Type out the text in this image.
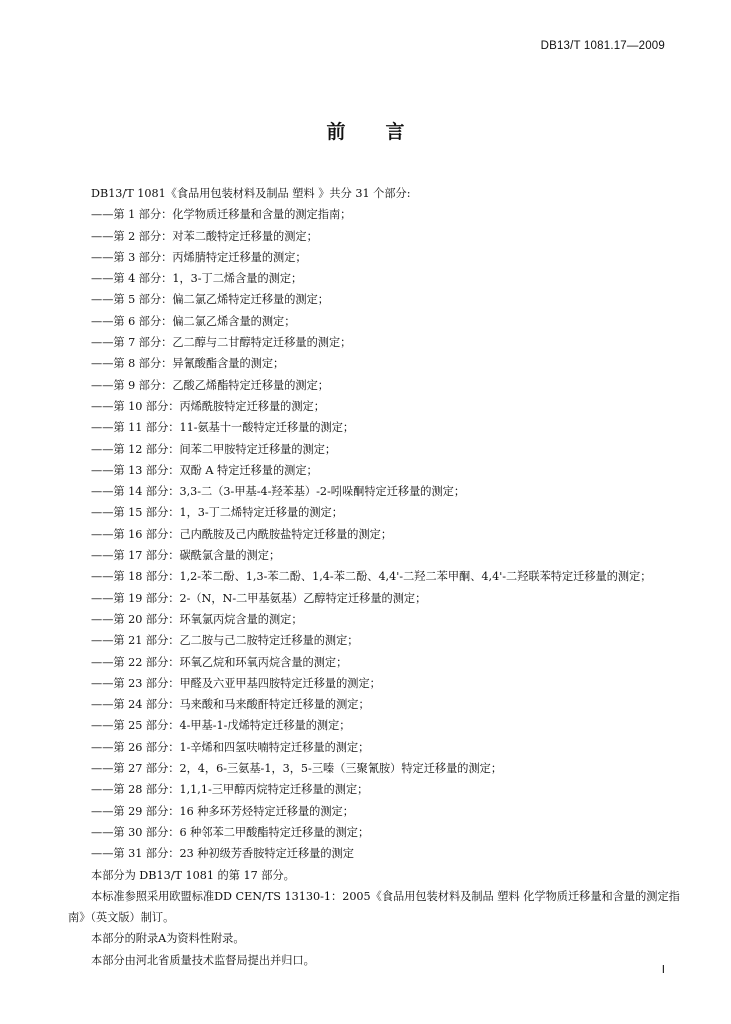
DB13/T 1081.17—2009
前言

DB13/T 1081《食品用包装材料及制品 塑料 》共分 31 个部分:

——第 1 部分：化学物质迁移量和含量的测定指南；

——第 2 部分：对苯二酸特定迁移量的测定；

——第 3 部分：丙烯腈特定迁移量的测定；

——第 4 部分：1，3-丁二烯含量的测定；

——第 5 部分：偏二氯乙烯特定迁移量的测定；

——第 6 部分：偏二氯乙烯含量的测定；

——第 7 部分：乙二醇与二甘醇特定迁移量的测定；

——第 8 部分：异氰酸酯含量的测定；

——第 9 部分：乙酸乙烯酯特定迁移量的测定；

——第 10 部分：丙烯酰胺特定迁移量的测定；

——第 11 部分：11-氨基十一酸特定迁移量的测定；

——第 12 部分：间苯二甲胺特定迁移量的测定；

——第 13 部分：双酚 A 特定迁移量的测定；

——第 14 部分：3,3-二（3-甲基-4-羟苯基）-2-吲哚酮特定迁移量的测定；

——第 15 部分：1，3-丁二烯特定迁移量的测定；

——第 16 部分：己内酰胺及己内酰胺盐特定迁移量的测定；

——第 17 部分：碳酰氯含量的测定；

——第 18 部分：1,2-苯二酚、1,3-苯二酚、1,4-苯二酚、4,4'-二羟二苯甲酮、4,4'-二羟联苯特定迁移量的测定；

——第 19 部分：2-（N，N-二甲基氨基）乙醇特定迁移量的测定；

——第 20 部分：环氧氯丙烷含量的测定；

——第 21 部分：乙二胺与己二胺特定迁移量的测定；

——第 22 部分：环氧乙烷和环氧丙烷含量的测定；

——第 23 部分：甲醛及六亚甲基四胺特定迁移量的测定；

——第 24 部分：马来酸和马来酸酐特定迁移量的测定；

——第 25 部分：4-甲基-1-戊烯特定迁移量的测定；

——第 26 部分：1-辛烯和四氢呋喃特定迁移量的测定；

——第 27 部分：2，4，6-三氨基-1，3，5-三嗪（三聚氰胺）特定迁移量的测定；

——第 28 部分：1,1,1-三甲醇丙烷特定迁移量的测定；

——第 29 部分：16 种多环芳烃特定迁移量的测定；

——第 30 部分：6 种邻苯二甲酸酯特定迁移量的测定；

——第 31 部分：23 种初级芳香胺特定迁移量的测定

本部分为 DB13/T 1081 的第 17 部分。

本标准参照采用欧盟标准DD CEN/TS 13130-1：2005《食品用包装材料及制品 塑料 化学物质迁移量和含量的测定指南》（英文版）制订。

本部分的附录A为资料性附录。

本部分由河北省质量技术监督局提出并归口。

I
